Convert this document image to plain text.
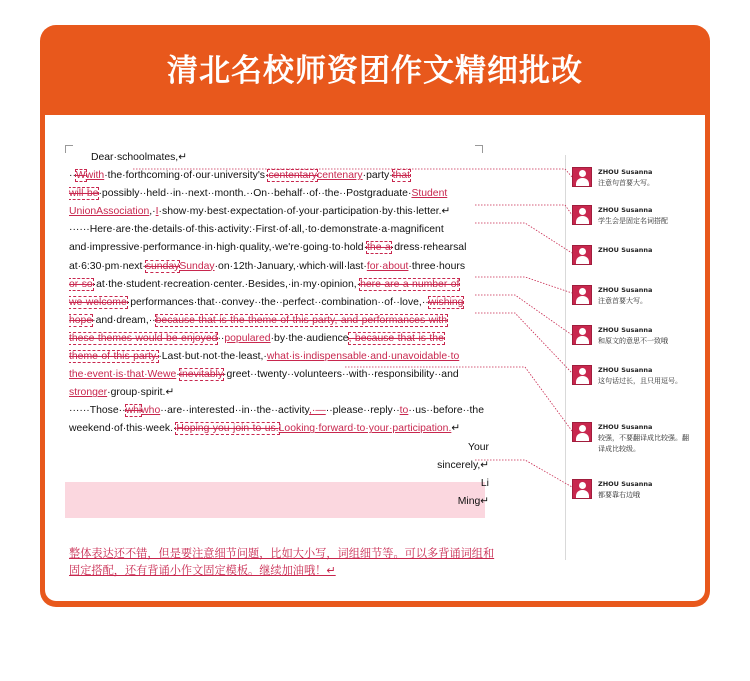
清北名校师资团作文精细批改
Dear·schoolmates,↵
··Wwith·the·forthcoming·of·our·university's·cententarycentenary·party·that
will·be·possibly··held··in··next··month.··On··behalf··of··the··Postgraduate·Student
UnionAssociation,·I·show·my·best·expectation·of·your·participation·by·this·letter.↵
······Here·are·the·details·of·this·activity:·First·of·all,·to·demonstrate·a·magnificent
and·impressive·performance·in·high·quality,·we're·going·to·hold·the·a·dress·rehearsal
at·6:30·pm·next·sundaySunday·on·12th·January,·which·will·last·for·about·three·hours
or·so·at·the·student·recreation·center.·Besides,·in·my·opinion,·here·are·a·number·of
we·welcome·performances·that··convey··the··perfect··combination··of··love,··wishing
hope·and·dream,··because·that·is·the·theme·of·this·party,·and·performances·with
these·themes·would·be·enjoyed··populared·by·the·audience,·because·that·is·the
theme·of·this·party.·Last·but·not·the·least,·what·is·indispensable·and·unavoidable·to
the·event·is·that·Wewe·inevitably·greet··twenty··volunteers··with··responsibility··and
stronger·group·spirit.↵
······Those··whiwho··are··interested··in··the··activity,·—··please··reply··to··us··before··the
weekend·of·this·week.·Hoping·you·join·to·us.Looking·forward·to·your·participation.↵
Your
sincerely,↵
Li
Ming↵
整体表达还不错，但是要注意细节问题，比如大小写，词组细节等。可以多背诵词组和固定搭配，还有背诵小作文固定模板。继续加油哦！↵
ZHOU Susanna
注意句首要大写。
ZHOU Susanna
学生会是固定名词搭配
ZHOU Susanna
ZHOU Susanna
注意首要大写。
ZHOU Susanna
和原文的意思不一致哦
ZHOU Susanna
这句话过长，且只用逗号。
ZHOU Susanna
较强，不要翻译成比较强。翻译成比较级。
ZHOU Susanna
都要靠右边哦
